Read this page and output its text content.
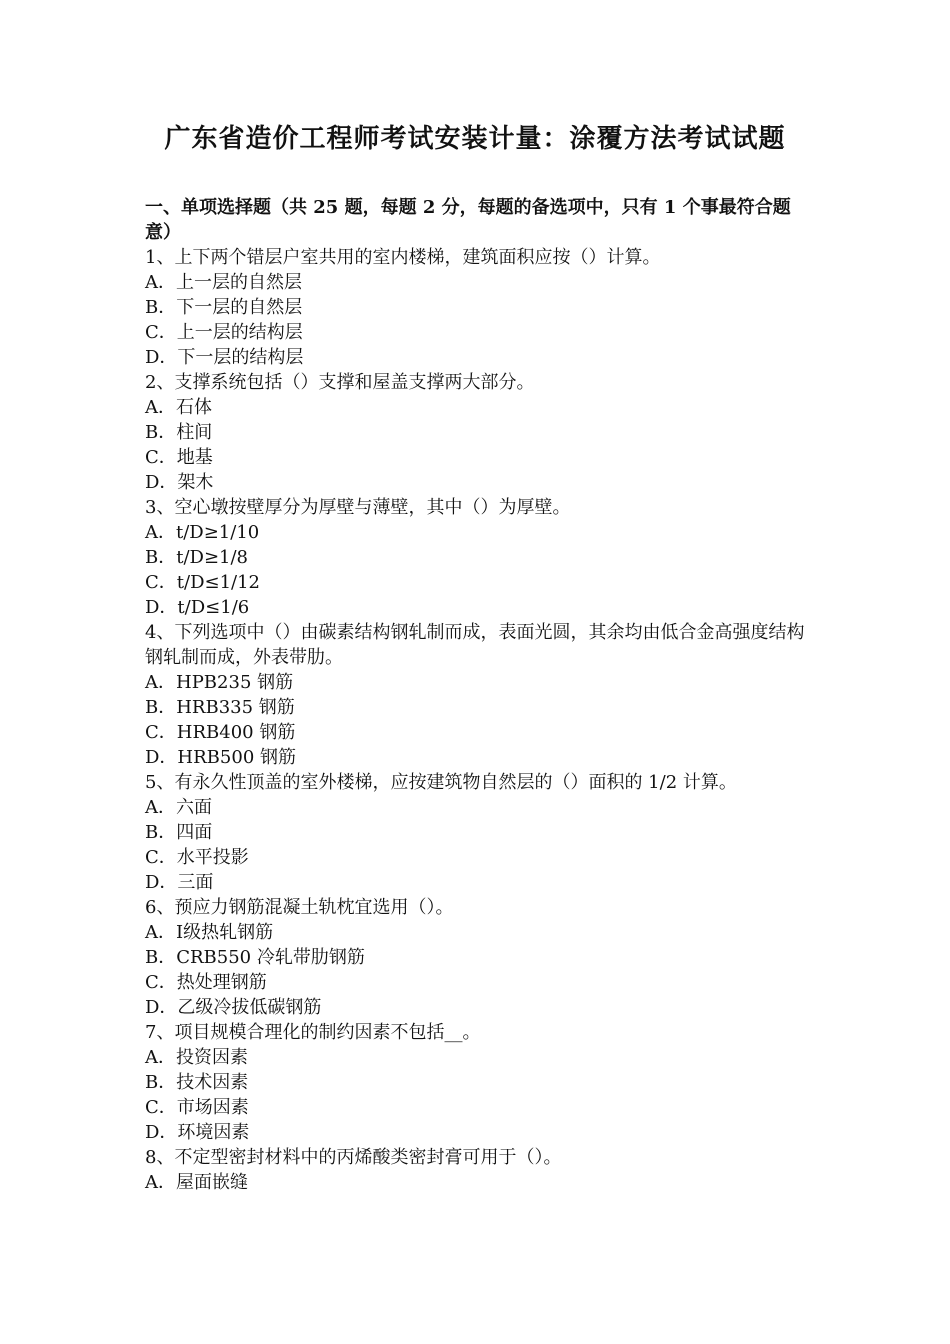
广东省造价工程师考试安装计量：涂覆方法考试试题

一、单项选择题（共 25 题，每题 2 分，每题的备选项中，只有 1 个事最符合题意）

1、上下两个错层户室共用的室内楼梯，建筑面积应按（）计算。

A．上一层的自然层

B．下一层的自然层

C．上一层的结构层

D．下一层的结构层

2、支撑系统包括（）支撑和屋盖支撑两大部分。

A．石体

B．柱间

C．地基

D．架木

3、空心墩按壁厚分为厚壁与薄壁，其中（）为厚壁。

A．t/D≥1/10

B．t/D≥1/8

C．t/D≤1/12

D．t/D≤1/6

4、下列选项中（）由碳素结构钢轧制而成，表面光圆，其余均由低合金高强度结构钢轧制而成，外表带肋。

A．HPB235 钢筋

B．HRB335 钢筋

C．HRB400 钢筋

D．HRB500 钢筋

5、有永久性顶盖的室外楼梯，应按建筑物自然层的（）面积的 1/2 计算。

A．六面

B．四面

C．水平投影

D．三面

6、预应力钢筋混凝土轨枕宜选用（）。

A．Ⅰ级热轧钢筋

B．CRB550 冷轧带肋钢筋

C．热处理钢筋

D．乙级冷拔低碳钢筋

7、项目规模合理化的制约因素不包括__。

A．投资因素

B．技术因素

C．市场因素

D．环境因素

8、不定型密封材料中的丙烯酸类密封膏可用于（）。

A．屋面嵌缝
